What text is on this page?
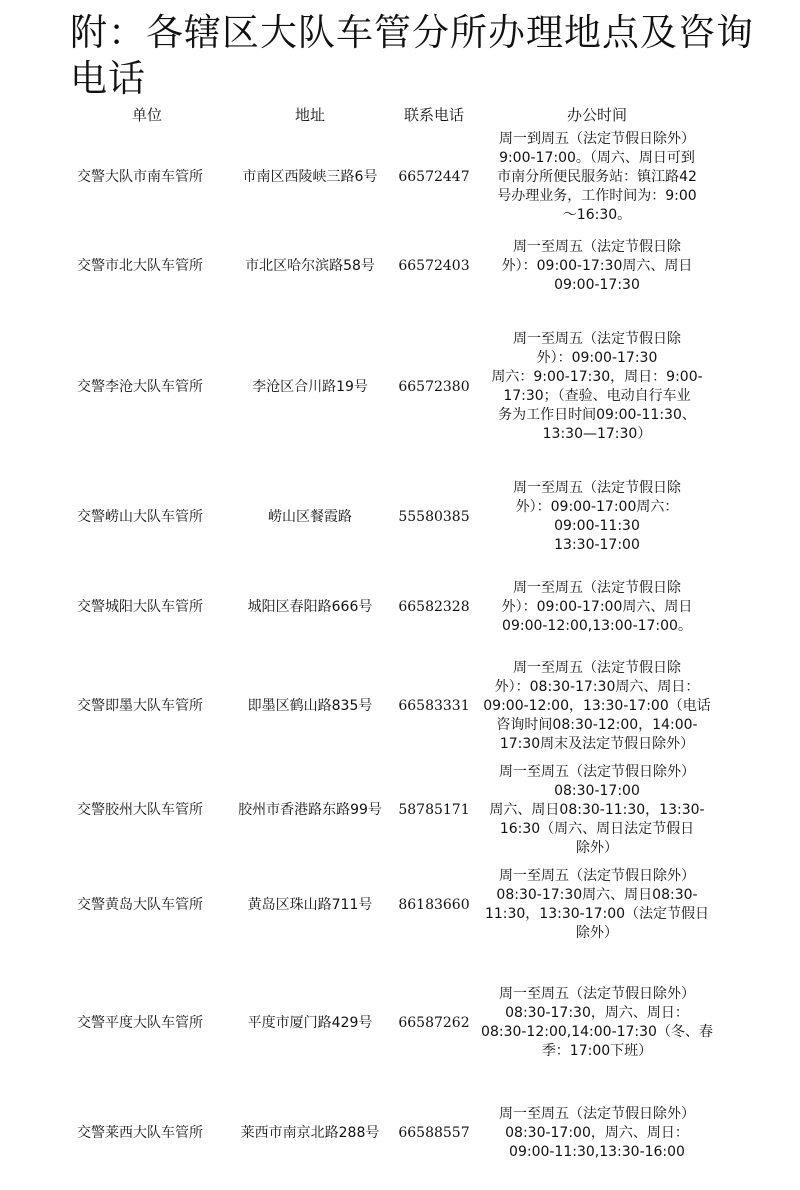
附：各辖区大队车管分所办理地点及咨询电话
单位	地址	联系电话	办公时间
交警大队市南车管所	市南区西陵峡三路6号 66572447
周一到周五（法定节假日除外）
9:00-17:00。（周六、周日可到
市南分所便民服务站：镇江路42
号办理业务，工作时间为：9:00
～16:30。
交警市北大队车管所	市北区哈尔滨路58号 66572403
周一至周五（法定节假日除
外）：09:00-17:30周六、周日
09:00-17:30
交警李沧大队车管所	李沧区合川路19号 66572380
周一至周五（法定节假日除
外）：09:00-17:30
周六：9:00-17:30，周日：9:00-
17:30；（查验、电动自行车业
务为工作日时间09:00-11:30、
13:30—17:30）
交警崂山大队车管所	崂山区餐霞路	55580385
周一至周五（法定节假日除
外）：09:00-17:00周六：
09:00-11:30
13:30-17:00
交警城阳大队车管所	城阳区春阳路666号 66582328
周一至周五（法定节假日除
外）：09:00-17:00周六、周日
09:00-12:00,13:00-17:00。
交警即墨大队车管所	即墨区鹤山路835号 66583331
周一至周五（法定节假日除
外）：08:30-17:30周六、周日：
09:00-12:00，13:30-17:00（电话
咨询时间08:30-12:00，14:00-
17:30周末及法定节假日除外）
交警胶州大队车管所	胶州市香港路东路99号 58785171
周一至周五（法定节假日除外）
08:30-17:00
周六、周日08:30-11:30，13:30-
16:30（周六、周日法定节假日
除外）
交警黄岛大队车管所	黄岛区珠山路711号 86183660
周一至周五（法定节假日除外）
08:30-17:30周六、周日08:30-
11:30，13:30-17:00（法定节假日
除外）
交警平度大队车管所	平度市厦门路429号 66587262
周一至周五（法定节假日除外）
08:30-17:30，周六、周日：
08:30-12:00,14:00-17:30（冬、春
季：17:00下班）
交警莱西大队车管所	莱西市南京北路288号 66588557
周一至周五（法定节假日除外）
08:30-17:00，周六、周日：
09:00-11:30,13:30-16:00
